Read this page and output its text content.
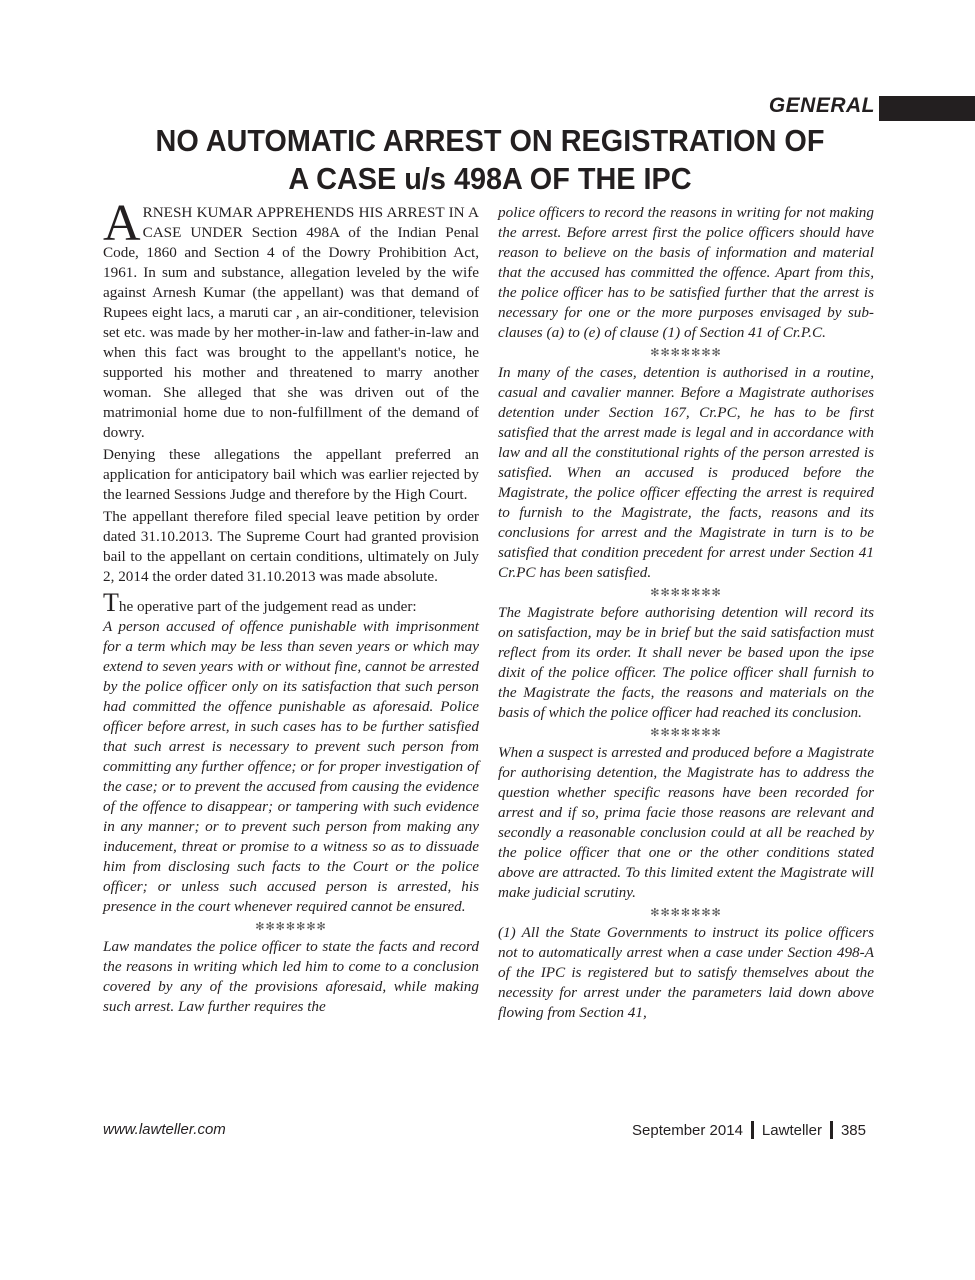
GENERAL
NO AUTOMATIC ARREST ON REGISTRATION OF
A CASE u/s 498A OF THE IPC

ARNESH KUMAR APPREHENDS HIS ARREST IN A CASE UNDER Section 498A of the Indian Penal Code, 1860 and Section 4 of the Dowry Prohibition Act, 1961. In sum and substance, allegation leveled by the wife against Arnesh Kumar (the appellant) was that demand of Rupees eight lacs, a maruti car , an air-conditioner, television set etc. was made by her mother-in-law and father-in-law and when this fact was brought to the appellant's notice, he supported his mother and threatened to marry another woman. She alleged that she was driven out of the matrimonial home due to non-fulfillment of the demand of dowry.

Denying these allegations the appellant preferred an application for anticipatory bail which was earlier rejected by the learned Sessions Judge and therefore by the High Court.

The appellant therefore filed special leave petition by order dated 31.10.2013. The Supreme Court had granted provision bail to the appellant on certain conditions, ultimately on July 2, 2014 the order dated 31.10.2013 was made absolute.

The operative part of the judgement read as under:

A person accused of offence punishable with imprisonment for a term which may be less than seven years or which may extend to seven years with or without fine, cannot be arrested by the police officer only on its satisfaction that such person had committed the offence punishable as aforesaid. Police officer before arrest, in such cases has to be further satisfied that such arrest is necessary to prevent such person from committing any further offence; or for proper investigation of the case; or to prevent the accused from causing the evidence of the offence to disappear; or tampering with such evidence in any manner; or to prevent such person from making any inducement, threat or promise to a witness so as to dissuade him from disclosing such facts to the Court or the police officer; or unless such accused person is arrested, his presence in the court whenever required cannot be ensured.

✻✻✻✻✻✻✻

Law mandates the police officer to state the facts and record the reasons in writing which led him to come to a conclusion covered by any of the provisions aforesaid, while making such arrest. Law further requires the

police officers to record the reasons in writing for not making the arrest. Before arrest first the police officers should have reason to believe on the basis of information and material that the accused has committed the offence. Apart from this, the police officer has to be satisfied further that the arrest is necessary for one or the more purposes envisaged by sub-clauses (a) to (e) of clause (1) of Section 41 of Cr.P.C.

✻✻✻✻✻✻✻

In many of the cases, detention is authorised in a routine, casual and cavalier manner. Before a Magistrate authorises detention under Section 167, Cr.PC, he has to be first satisfied that the arrest made is legal and in accordance with law and all the constitutional rights of the person arrested is satisfied. When an accused is produced before the Magistrate, the police officer effecting the arrest is required to furnish to the Magistrate, the facts, reasons and its conclusions for arrest and the Magistrate in turn is to be satisfied that condition precedent for arrest under Section 41 Cr.PC has been satisfied.

✻✻✻✻✻✻✻

The Magistrate before authorising detention will record its on satisfaction, may be in brief but the said satisfaction must reflect from its order. It shall never be based upon the ipse dixit of the police officer. The police officer shall furnish to the Magistrate the facts, the reasons and materials on the basis of which the police officer had reached its conclusion.

✻✻✻✻✻✻✻

When a suspect is arrested and produced before a Magistrate for authorising detention, the Magistrate has to address the question whether specific reasons have been recorded for arrest and if so, prima facie those reasons are relevant and secondly a reasonable conclusion could at all be reached by the police officer that one or the other conditions stated above are attracted. To this limited extent the Magistrate will make judicial scrutiny.

✻✻✻✻✻✻✻

(1) All the State Governments to instruct its police officers not to automatically arrest when a case under Section 498-A of the IPC is registered but to satisfy themselves about the necessity for arrest under the parameters laid down above flowing from Section 41,

www.lawteller.com	September 2014 Lawteller 385
